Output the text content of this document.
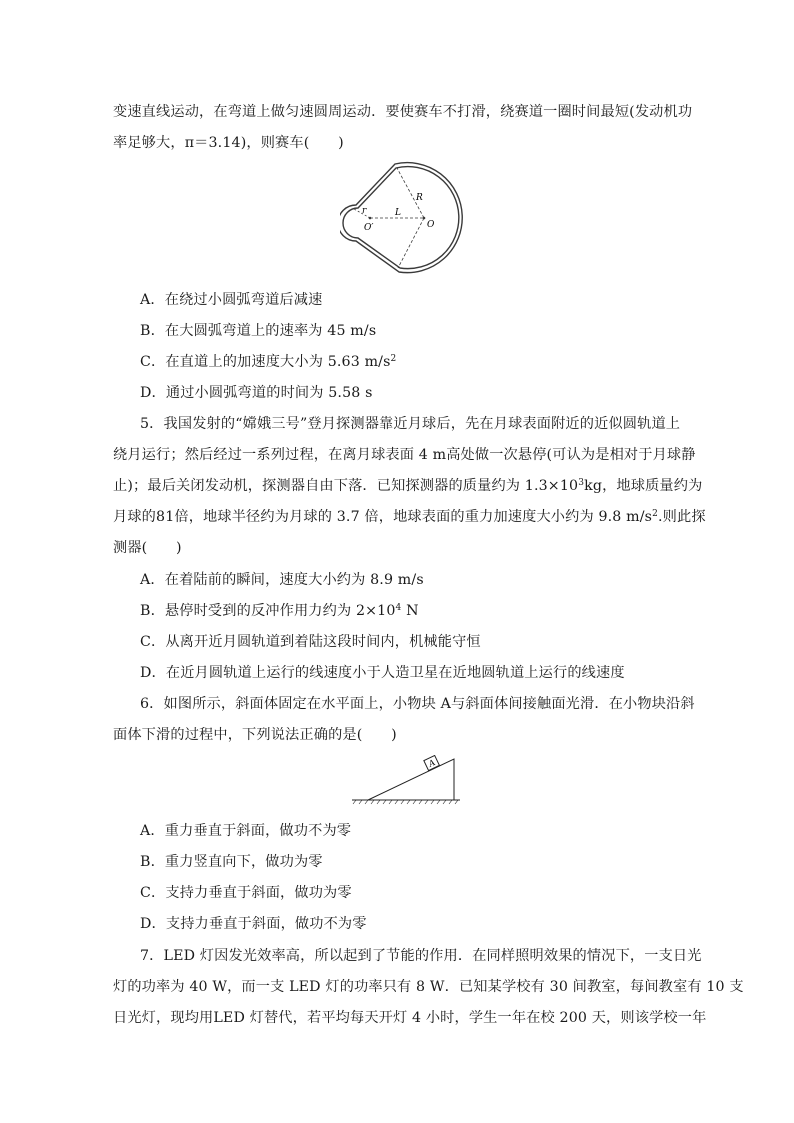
变速直线运动，在弯道上做匀速圆周运动．要使赛车不打滑，绕赛道一圈时间最短(发动机功
率足够大，π＝3.14)，则赛车(　　)
R
r	L
O′	O
A．在绕过小圆弧弯道后减速
B．在大圆弧弯道上的速率为 45 m/s
C．在直道上的加速度大小为 5.63 $m/s^2$
D．通过小圆弧弯道的时间为 5.58 s
5．我国发射的“嫦娥三号”登月探测器靠近月球后，先在月球表面附近的近似圆轨道上
绕月运行；然后经过一系列过程，在离月球表面 4 m高处做一次悬停(可认为是相对于月球静
止)；最后关闭发动机，探测器自由下落．已知探测器的质量约为 $1.3\times 10^3kg$，地球质量约为
月球的81倍，地球半径约为月球的 3.7 倍，地球表面的重力加速度大小约为 9.8 $m/s^2$.则此探
测器(　　)
A．在着陆前的瞬间，速度大小约为 8.9 m/s
B．悬停时受到的反冲作用力约为 $2\times 10^4$ N
C．从离开近月圆轨道到着陆这段时间内，机械能守恒
D．在近月圆轨道上运行的线速度小于人造卫星在近地圆轨道上运行的线速度
6．如图所示，斜面体固定在水平面上，小物块 A与斜面体间接触面光滑．在小物块沿斜
面体下滑的过程中，下列说法正确的是(　　)
A
A．重力垂直于斜面，做功不为零
B．重力竖直向下，做功为零
C．支持力垂直于斜面，做功为零
D．支持力垂直于斜面，做功不为零
7．LED 灯因发光效率高，所以起到了节能的作用．在同样照明效果的情况下，一支日光
灯的功率为 40 W，而一支 LED 灯的功率只有 8 W．已知某学校有 30 间教室，每间教室有 10 支
日光灯，现均用LED 灯替代，若平均每天开灯 4 小时，学生一年在校 200 天，则该学校一年
